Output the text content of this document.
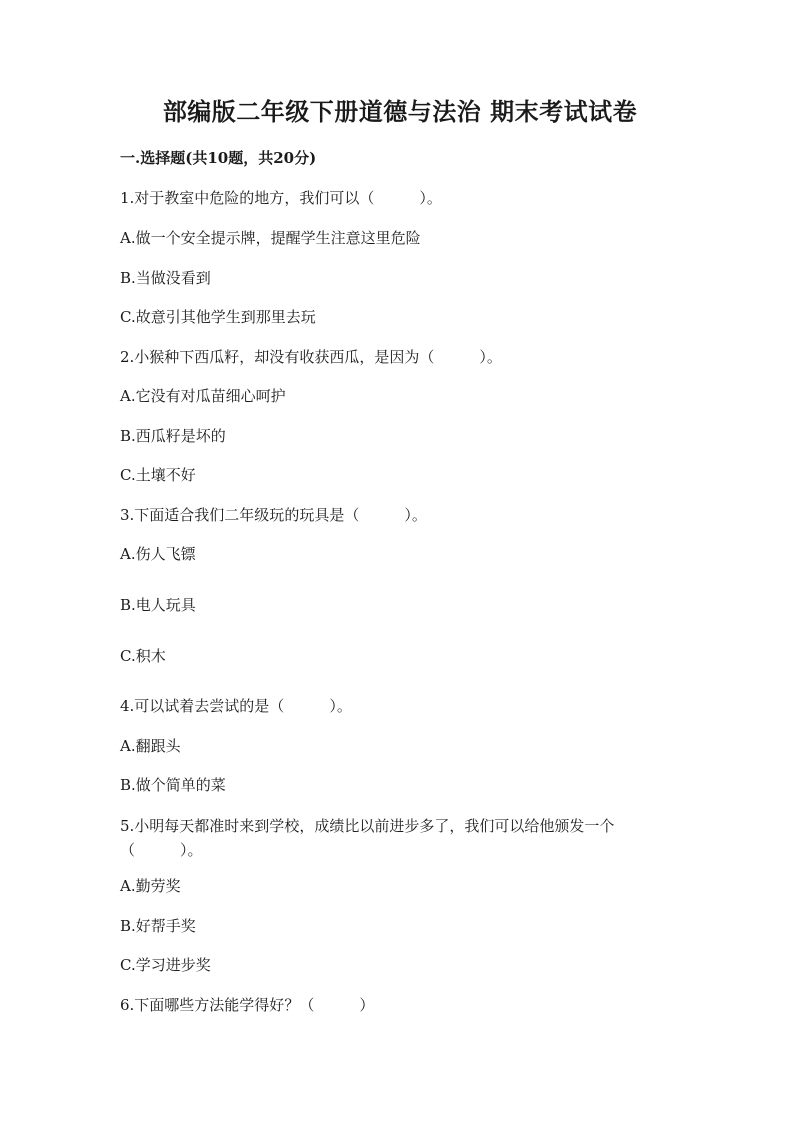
部编版二年级下册道德与法治 期末考试试卷
一.选择题(共10题，共20分)
1.对于教室中危险的地方，我们可以（　　　）。
A.做一个安全提示牌，提醒学生注意这里危险
B.当做没看到
C.故意引其他学生到那里去玩
2.小猴种下西瓜籽，却没有收获西瓜，是因为（　　　）。
A.它没有对瓜苗细心呵护
B.西瓜籽是坏的
C.土壤不好
3.下面适合我们二年级玩的玩具是（　　　）。
A.伤人飞镖
B.电人玩具
C.积木
4.可以试着去尝试的是（　　　）。
A.翻跟头
B.做个简单的菜
5.小明每天都准时来到学校，成绩比以前进步多了，我们可以给他颁发一个（　　　）。
A.勤劳奖
B.好帮手奖
C.学习进步奖
6.下面哪些方法能学得好？（　　　）
